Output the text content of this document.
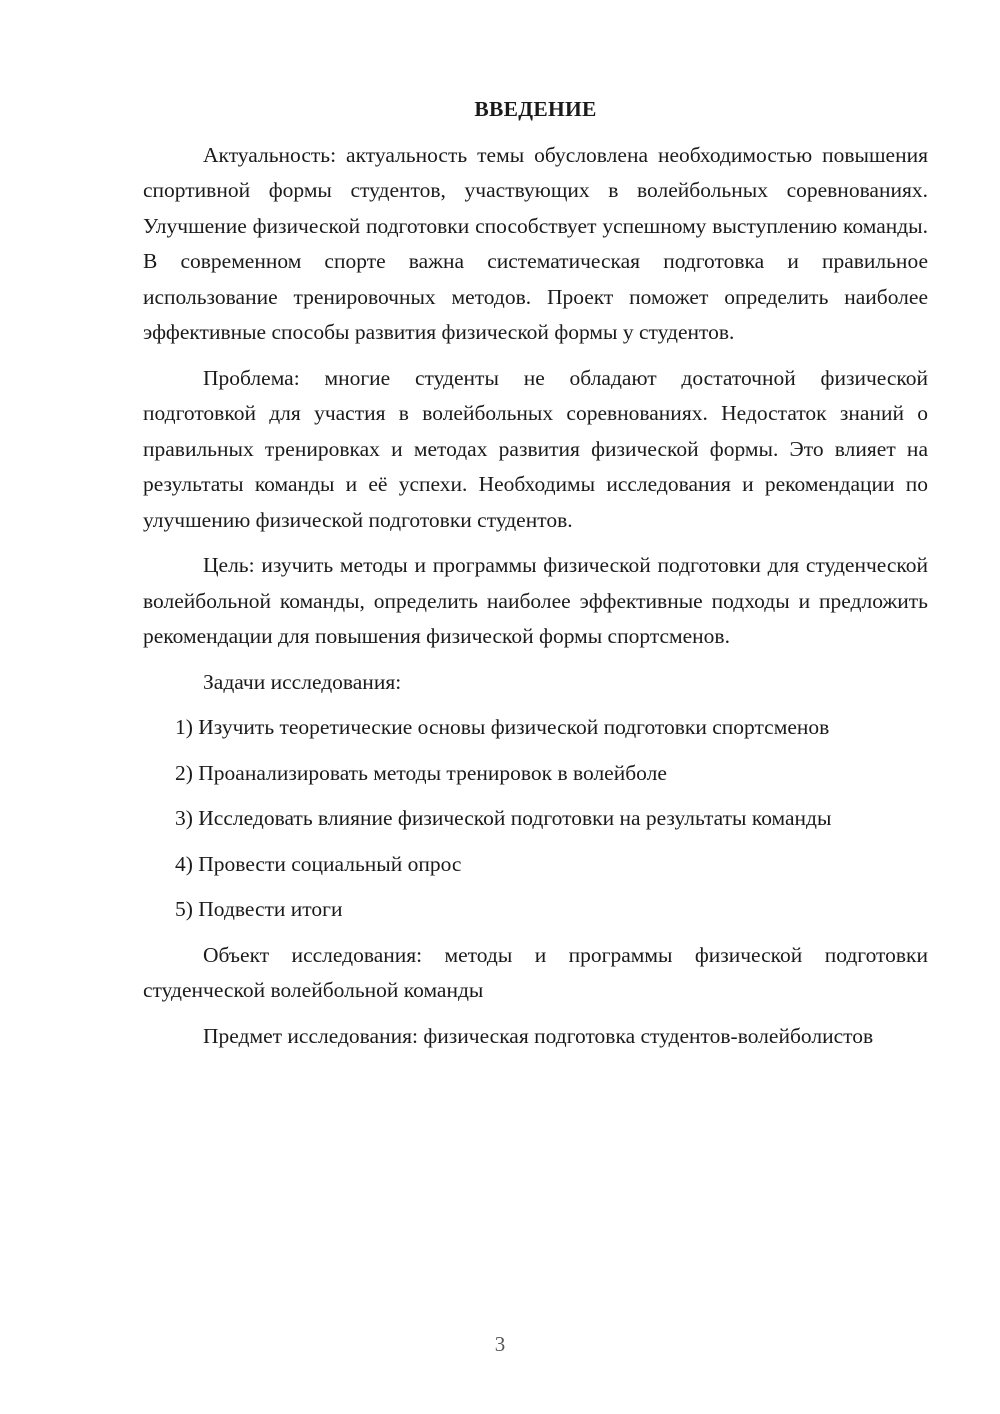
ВВЕДЕНИЕ

Актуальность: актуальность темы обусловлена необходимостью повышения спортивной формы студентов, участвующих в волейбольных соревнованиях. Улучшение физической подготовки способствует успешному выступлению команды. В современном спорте важна систематическая подготовка и правильное использование тренировочных методов. Проект поможет определить наиболее эффективные способы развития физической формы у студентов.

Проблема: многие студенты не обладают достаточной физической подготовкой для участия в волейбольных соревнованиях. Недостаток знаний о правильных тренировках и методах развития физической формы. Это влияет на результаты команды и её успехи. Необходимы исследования и рекомендации по улучшению физической подготовки студентов.

Цель: изучить методы и программы физической подготовки для студенческой волейбольной команды, определить наиболее эффективные подходы и предложить рекомендации для повышения физической формы спортсменов.

Задачи исследования:

1) Изучить теоретические основы физической подготовки спортсменов

2) Проанализировать методы тренировок в волейболе

3) Исследовать влияние физической подготовки на результаты команды

4) Провести социальный опрос

5) Подвести итоги

Объект исследования: методы и программы физической подготовки студенческой волейбольной команды

Предмет исследования: физическая подготовка студентов-волейболистов

3
